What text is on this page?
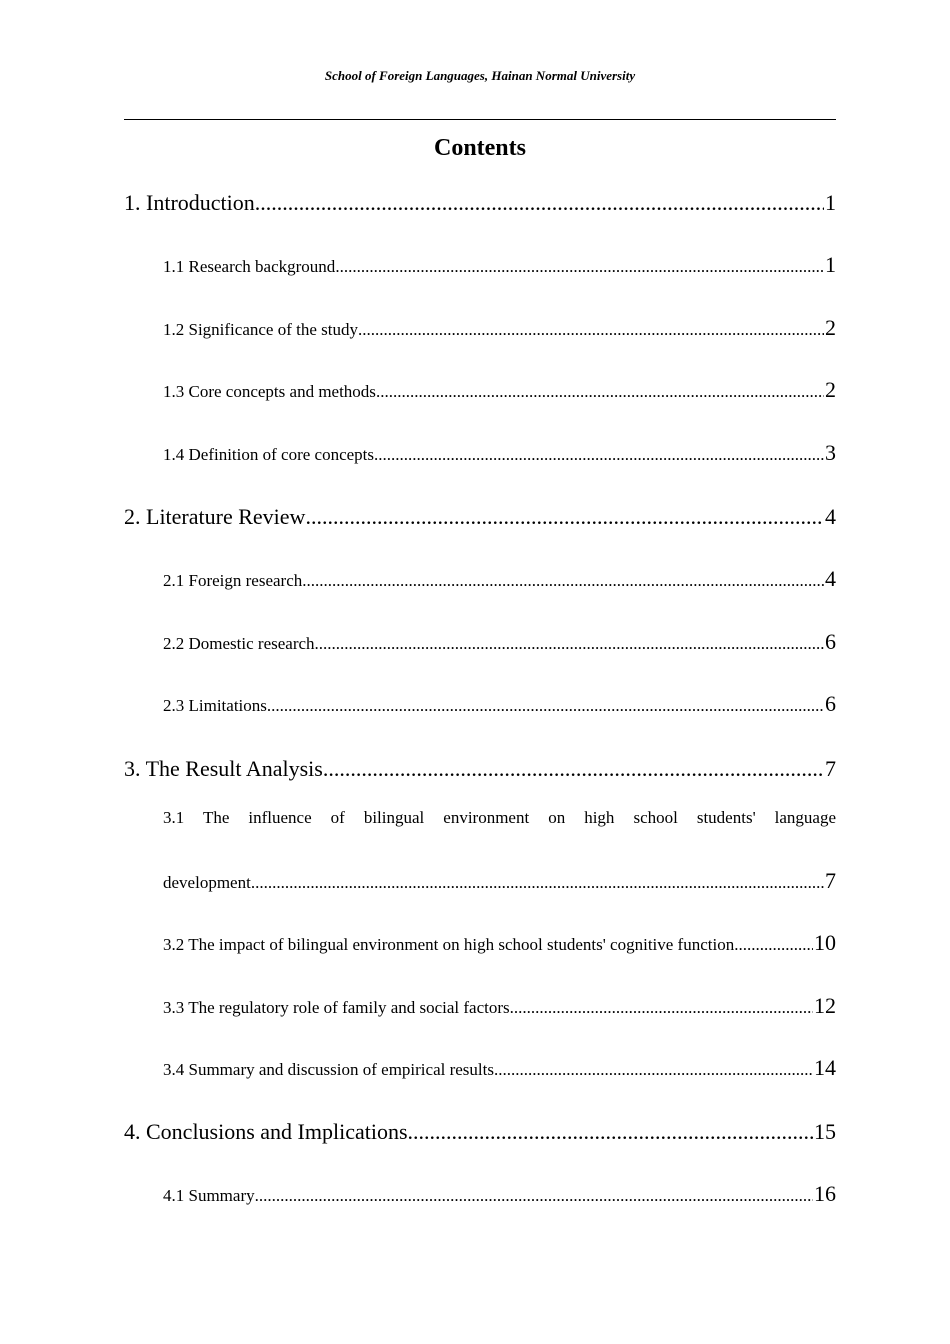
School of Foreign Languages, Hainan Normal University
Contents
1. Introduction .....	1
1.1 Research background .....	1
1.2 Significance of the study .....	2
1.3 Core concepts and methods .....	2
1.4 Definition of core concepts .....	3
2. Literature Review .....	4
2.1 Foreign research .....	4
2.2 Domestic research .....	6
2.3 Limitations .....	6
3. The Result Analysis .....	7
3.1 The influence of bilingual environment on high school students' language
development .....	7
3.2 The impact of bilingual environment on high school students' cognitive function .....	10
3.3 The regulatory role of family and social factors .....	12
3.4 Summary and discussion of empirical results .....	14
4. Conclusions and Implications .....	15
4.1 Summary .....	16
